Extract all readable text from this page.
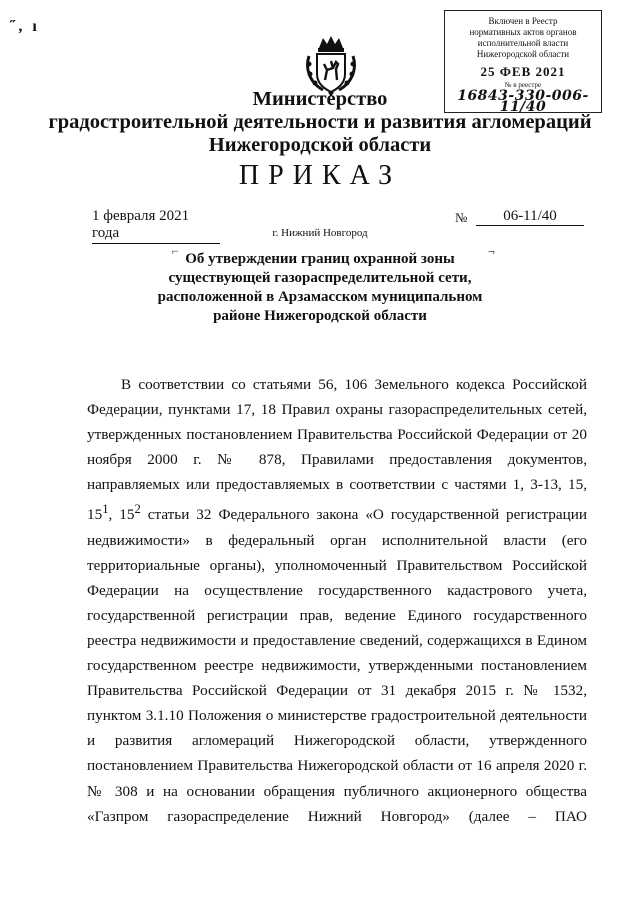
˝, ı	Включен в Реестр
нормативных актов органов
исполнительной власти
Нижегородской области
25 ФЕВ 2021
№ в реестре
16843-330-006-11/40
Министерство
градостроительной деятельности и развития агломераций
Нижегородской области
ПРИКАЗ
1 февраля 2021 года
№	06-11/40
г. Нижний Новгород
⌐	¬
Об утверждении границ охранной зоны существующей газораспределительной сети, расположенной в Арзамасском муниципальном районе Нижегородской области
В соответствии со статьями 56, 106 Земельного кодекса Российской Федерации, пунктами 17, 18 Правил охраны газораспределительных сетей, утвержденных постановлением Правительства Российской Федерации от 20 ноября 2000 г. № 878, Правилами предоставления документов, направляемых или предоставляемых в соответствии с частями 1, 3-13, 15, $15^1$, $15^2$ статьи 32 Федерального закона «О государственной регистрации недвижимости» в федеральный орган исполнительной власти (его территориальные органы), уполномоченный Правительством Российской Федерации на осуществление государственного кадастрового учета, государственной регистрации прав, ведение Единого государственного реестра недвижимости и предоставление сведений, содержащихся в Едином государственном реестре недвижимости, утвержденными постановлением Правительства Российской Федерации от 31 декабря 2015 г. № 1532, пунктом 3.1.10 Положения о министерстве градостроительной деятельности и развития агломераций Нижегородской области, утвержденного постановлением Правительства Нижегородской области от 16 апреля 2020 г. № 308 и на основании обращения публичного акционерного общества «Газпром газораспределение Нижний Новгород» (далее – ПАО
